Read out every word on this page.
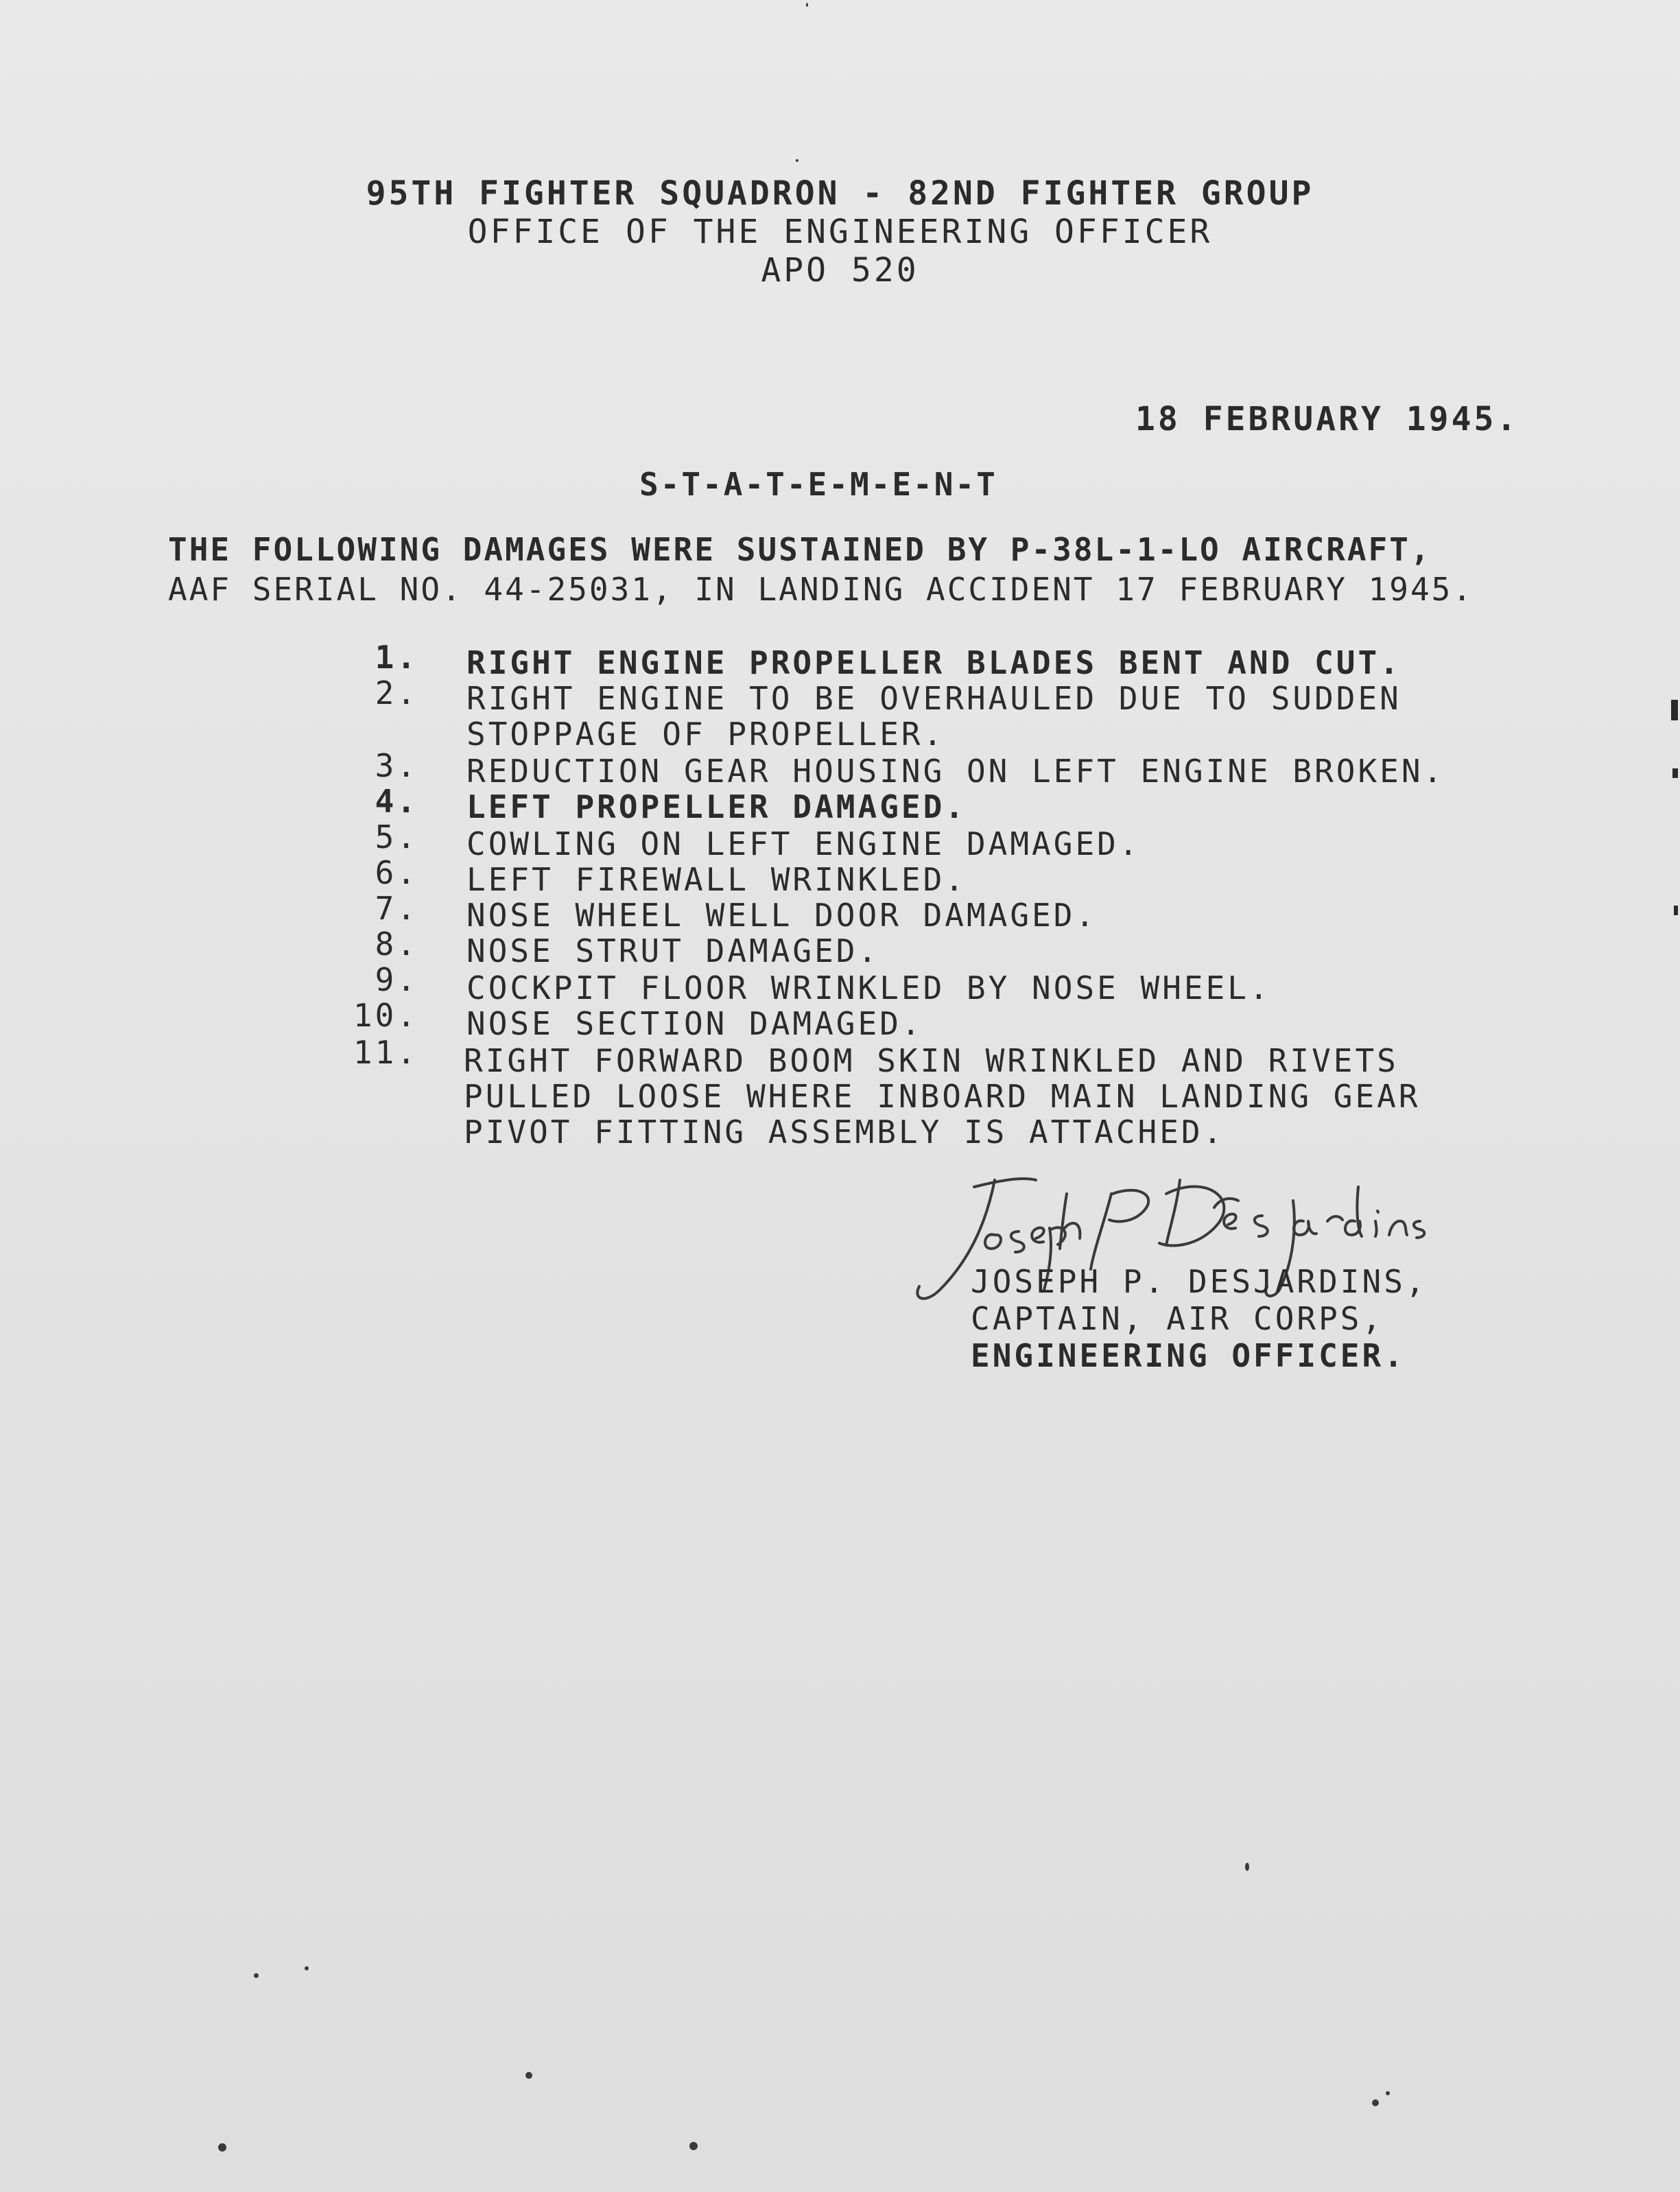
95TH FIGHTER SQUADRON - 82ND FIGHTER GROUP
OFFICE OF THE ENGINEERING OFFICER
APO 520
18 FEBRUARY 1945.
S-T-A-T-E-M-E-N-T
THE FOLLOWING DAMAGES WERE SUSTAINED BY P-38L-1-LO AIRCRAFT,
AAF SERIAL NO. 44-25031, IN LANDING ACCIDENT 17 FEBRUARY 1945.
1. RIGHT ENGINE PROPELLER BLADES BENT AND CUT.
2. RIGHT ENGINE TO BE OVERHAULED DUE TO SUDDEN
STOPPAGE OF PROPELLER.
3. REDUCTION GEAR HOUSING ON LEFT ENGINE BROKEN.
4. LEFT PROPELLER DAMAGED.
5. COWLING ON LEFT ENGINE DAMAGED.
6. LEFT FIREWALL WRINKLED.
7. NOSE WHEEL WELL DOOR DAMAGED.
8. NOSE STRUT DAMAGED.
9. COCKPIT FLOOR WRINKLED BY NOSE WHEEL.
10. NOSE SECTION DAMAGED.
11. RIGHT FORWARD BOOM SKIN WRINKLED AND RIVETS
PULLED LOOSE WHERE INBOARD MAIN LANDING GEAR
PIVOT FITTING ASSEMBLY IS ATTACHED.
JOSEPH P. DESJARDINS,
CAPTAIN, AIR CORPS,
ENGINEERING OFFICER.
